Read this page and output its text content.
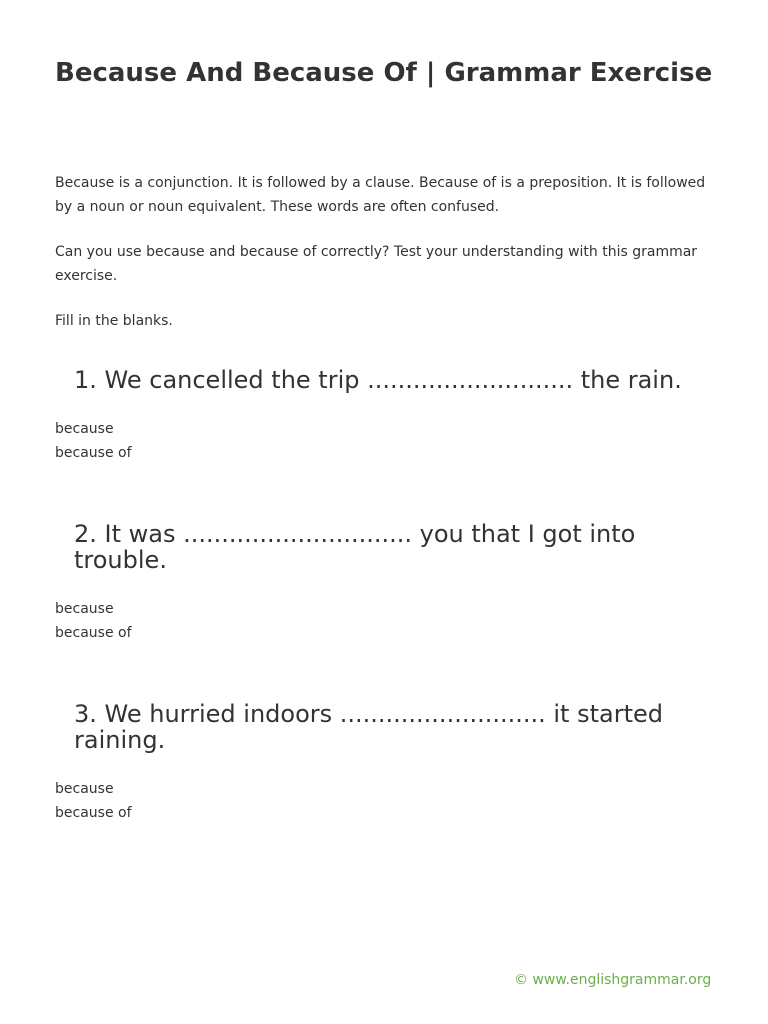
Because And Because Of | Grammar Exercise

Because is a conjunction. It is followed by a clause. Because of is a preposition. It is followed by a noun or noun equivalent. These words are often confused.

Can you use because and because of correctly? Test your understanding with this grammar exercise.

Fill in the blanks.

1. We cancelled the trip ........................... the rain.
because
because of
2. It was .............................. you that I got into trouble.
because
because of
3. We hurried indoors ........................... it started raining.
because
because of
© www.englishgrammar.org
